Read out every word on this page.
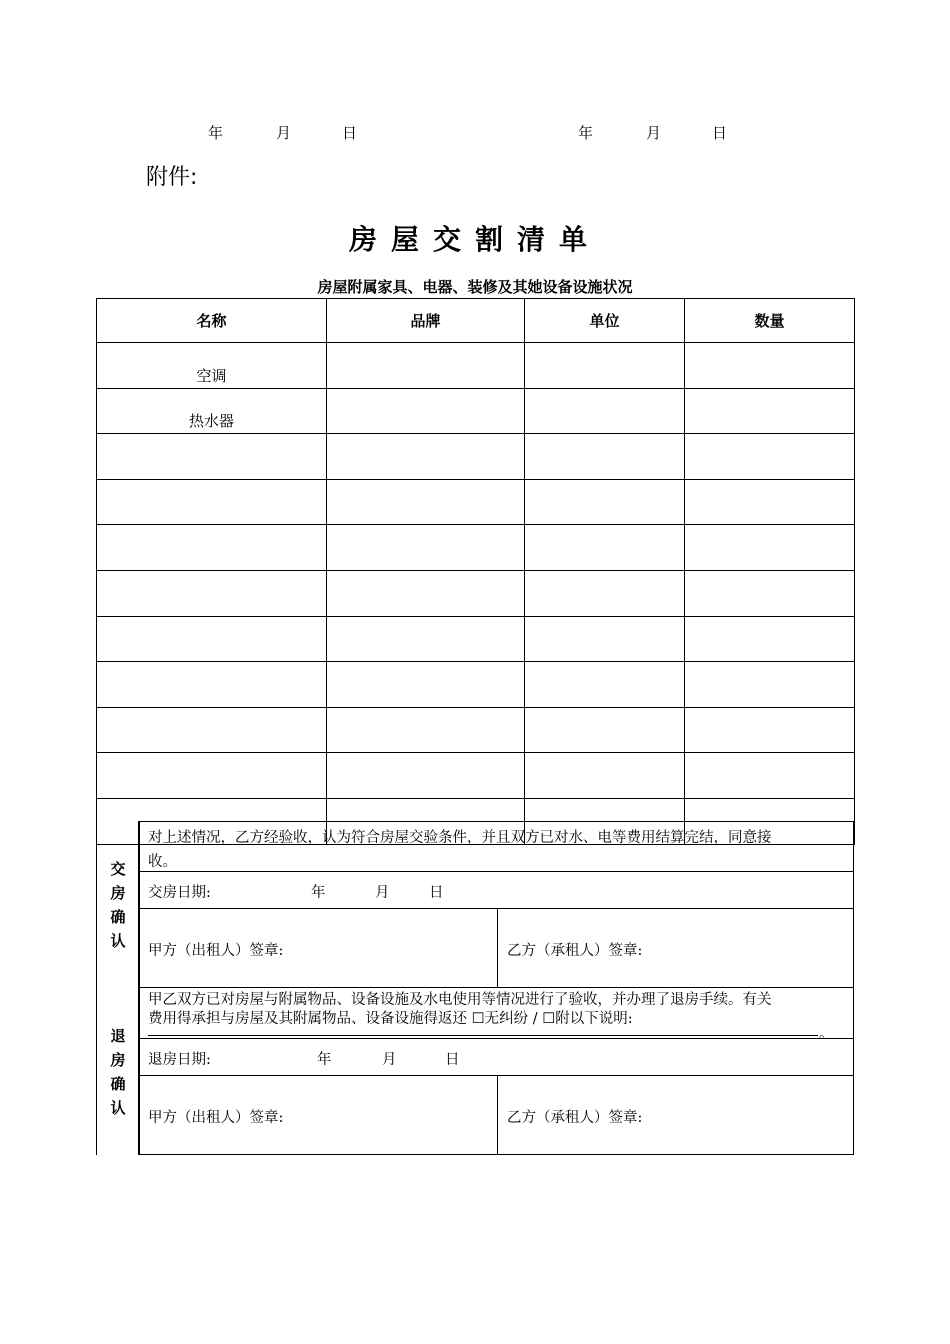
年	月	日	年	月	日
附件:
房屋交割清单
房屋附属家具、电器、装修及其她设备设施状况
名称	品牌	单位	数量
空调			
热水器			

交
房
确
认
对上述情况，乙方经验收，认为符合房屋交验条件，并且双方已对水、电等费用结算完结，同意接
收。
交房日期:	年	月	日
甲方（出租人）签章:	乙方（承租人）签章:
退
房
确
认
甲乙双方已对房屋与附属物品、设备设施及水电使用等情况进行了验收，并办理了退房手续。有关
费用得承担与房屋及其附属物品、设备设施得返还 ☐无纠纷 / ☐附以下说明:
。
退房日期:	年	月	日
甲方（出租人）签章:	乙方（承租人）签章:
